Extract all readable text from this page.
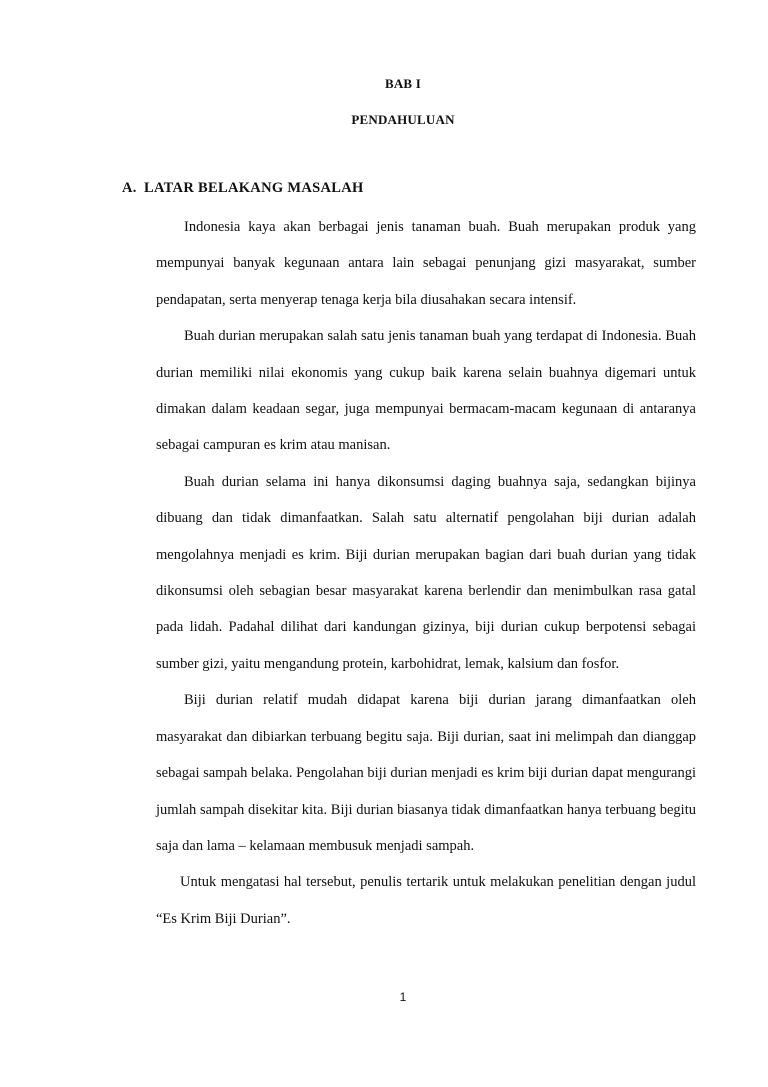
BAB I
PENDAHULUAN
A. LATAR BELAKANG MASALAH

Indonesia kaya akan berbagai jenis tanaman buah. Buah merupakan produk yang mempunyai banyak kegunaan antara lain sebagai penunjang gizi masyarakat, sumber pendapatan, serta menyerap tenaga kerja bila diusahakan secara intensif.

Buah durian merupakan salah satu jenis tanaman buah yang terdapat di Indonesia. Buah durian memiliki nilai ekonomis yang cukup baik karena selain buahnya digemari untuk dimakan dalam keadaan segar, juga mempunyai bermacam-macam kegunaan di antaranya sebagai campuran es krim atau manisan.

Buah durian selama ini hanya dikonsumsi daging buahnya saja, sedangkan bijinya dibuang dan tidak dimanfaatkan. Salah satu alternatif pengolahan biji durian adalah mengolahnya menjadi es krim. Biji durian merupakan bagian dari buah durian yang tidak dikonsumsi oleh sebagian besar masyarakat karena berlendir dan menimbulkan rasa gatal pada lidah. Padahal dilihat dari kandungan gizinya, biji durian cukup berpotensi sebagai sumber gizi, yaitu mengandung protein, karbohidrat, lemak, kalsium dan fosfor.

Biji durian relatif mudah didapat karena biji durian jarang dimanfaatkan oleh masyarakat dan dibiarkan terbuang begitu saja. Biji durian, saat ini melimpah dan dianggap sebagai sampah belaka. Pengolahan biji durian menjadi es krim biji durian dapat mengurangi jumlah sampah disekitar kita. Biji durian biasanya tidak dimanfaatkan hanya terbuang begitu saja dan lama – kelamaan membusuk menjadi sampah.

Untuk mengatasi hal tersebut, penulis tertarik untuk melakukan penelitian dengan judul “Es Krim Biji Durian”.

1
